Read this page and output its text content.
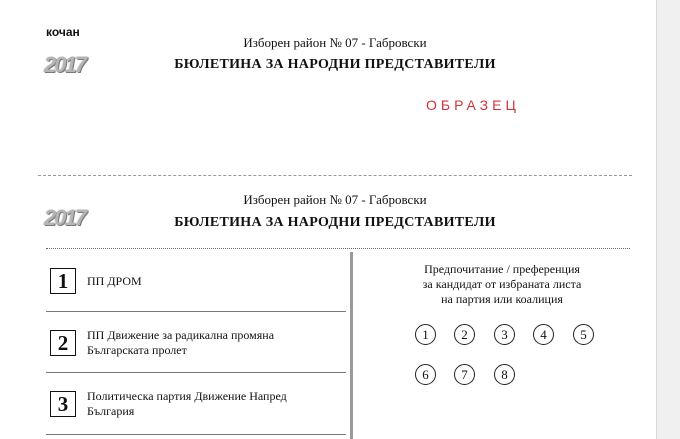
кочан
2017
Изборен район № 07 - Габровски
БЮЛЕТИНА ЗА НАРОДНИ ПРЕДСТАВИТЕЛИ
ОБРАЗЕЦ
2017
Изборен район № 07 - Габровски
БЮЛЕТИНА ЗА НАРОДНИ ПРЕДСТАВИТЕЛИ
1	ПП ДРОМ
2	ПП Движение за радикална промяна
Българската пролет
3	Политическа партия Движение Напред
България
Предпочитание / преференция
за кандидат от избраната листа
на партия или коалиция
1	2	3	4	5
6	7	8
